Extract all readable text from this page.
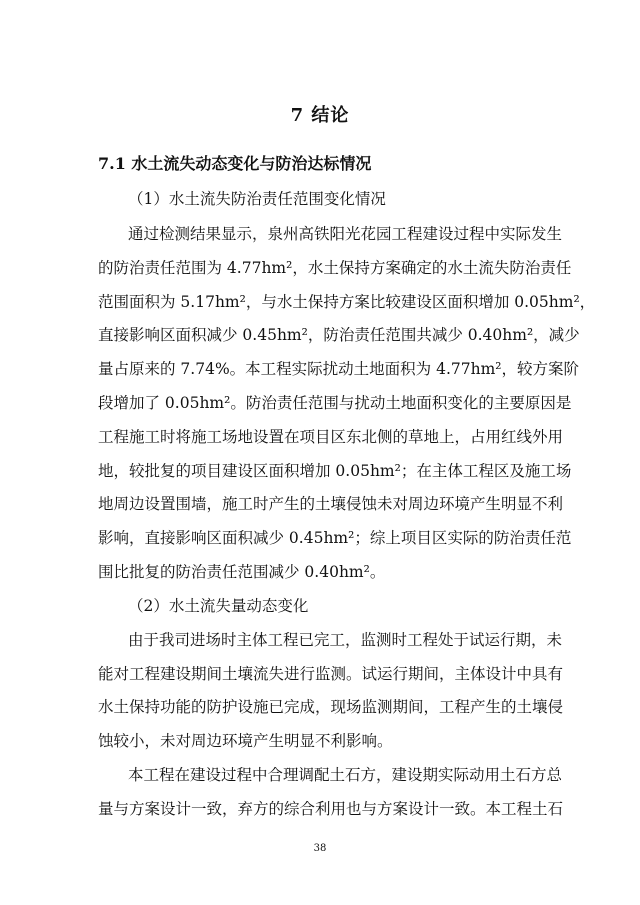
7 结论
7.1 水土流失动态变化与防治达标情况

（1）水土流失防治责任范围变化情况

通过检测结果显示，泉州高铁阳光花园工程建设过程中实际发生

的防治责任范围为 4.77hm²，水土保持方案确定的水土流失防治责任

范围面积为 5.17hm²，与水土保持方案比较建设区面积增加 0.05hm²，

直接影响区面积减少 0.45hm²，防治责任范围共减少 0.40hm²，减少

量占原来的 7.74%。本工程实际扰动土地面积为 4.77hm²，较方案阶

段增加了 0.05hm²。防治责任范围与扰动土地面积变化的主要原因是

工程施工时将施工场地设置在项目区东北侧的草地上，占用红线外用

地，较批复的项目建设区面积增加 0.05hm²；在主体工程区及施工场

地周边设置围墙，施工时产生的土壤侵蚀未对周边环境产生明显不利

影响，直接影响区面积减少 0.45hm²；综上项目区实际的防治责任范

围比批复的防治责任范围减少 0.40hm²。

（2）水土流失量动态变化

由于我司进场时主体工程已完工，监测时工程处于试运行期，未

能对工程建设期间土壤流失进行监测。试运行期间，主体设计中具有

水土保持功能的防护设施已完成，现场监测期间，工程产生的土壤侵

蚀较小，未对周边环境产生明显不利影响。

本工程在建设过程中合理调配土石方，建设期实际动用土石方总

量与方案设计一致，弃方的综合利用也与方案设计一致。本工程土石

38
